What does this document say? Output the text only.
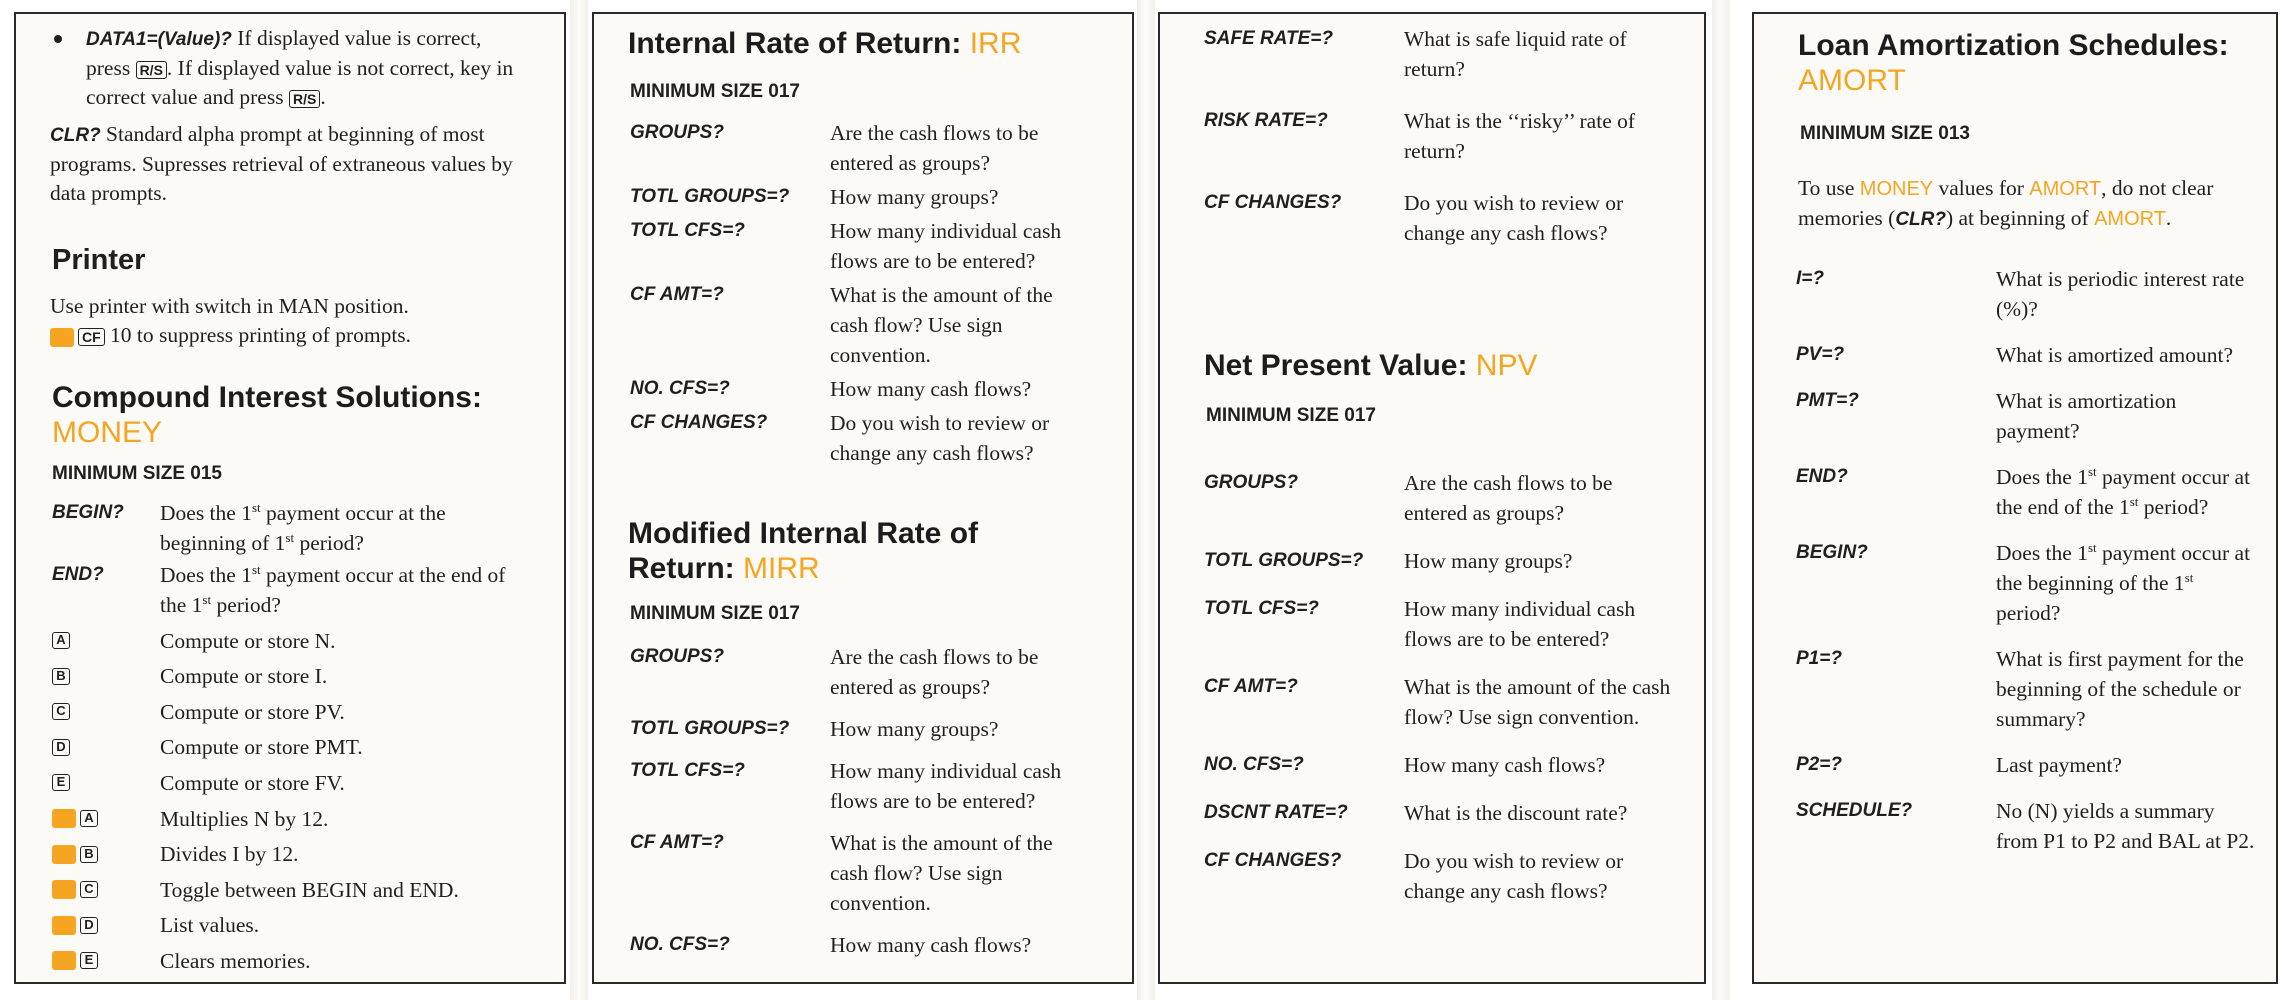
DATA1=(Value)? If displayed value is correct, press R/S . If displayed value is not correct, key in correct value and press R/S .
CLR? Standard alpha prompt at beginning of most programs. Supresses retrieval of extraneous values by data prompts.
Printer
Use printer with switch in MAN position.
CF 10 to suppress printing of prompts.
Compound Interest Solutions:
MONEY
MINIMUM SIZE 015
BEGIN?	Does the 1st payment occur at the beginning of 1st period?
END?	Does the 1st payment occur at the end of the 1st period?
A	Compute or store N.
B	Compute or store I.
C	Compute or store PV.
D	Compute or store PMT.
E	Compute or store FV.
A	Multiplies N by 12.
B	Divides I by 12.
C	Toggle between BEGIN and END.
D	List values.
E	Clears memories.
Internal Rate of Return: IRR
MINIMUM SIZE 017
GROUPS?	Are the cash flows to be entered as groups?
TOTL GROUPS=?	How many groups?
TOTL CFS=?	How many individual cash flows are to be entered?
CF AMT=?	What is the amount of the cash flow? Use sign convention.
NO. CFS=?	How many cash flows?
CF CHANGES?	Do you wish to review or change any cash flows?
Modified Internal Rate of
Return: MIRR
MINIMUM SIZE 017
GROUPS?	Are the cash flows to be entered as groups?
TOTL GROUPS=?	How many groups?
TOTL CFS=?	How many individual cash flows are to be entered?
CF AMT=?	What is the amount of the cash flow? Use sign convention.
NO. CFS=?	How many cash flows?
SAFE RATE=?	What is safe liquid rate of return?
RISK RATE=?	What is the ‘‘risky’’ rate of return?
CF CHANGES?	Do you wish to review or change any cash flows?
Net Present Value: NPV
MINIMUM SIZE 017
GROUPS?	Are the cash flows to be entered as groups?
TOTL GROUPS=?	How many groups?
TOTL CFS=?	How many individual cash flows are to be entered?
CF AMT=?	What is the amount of the cash flow? Use sign convention.
NO. CFS=?	How many cash flows?
DSCNT RATE=?	What is the discount rate?
CF CHANGES?	Do you wish to review or change any cash flows?
Loan Amortization Schedules:
AMORT
MINIMUM SIZE 013
To use MONEY values for AMORT, do not clear memories (CLR?) at beginning of AMORT.
I=?	What is periodic interest rate (%)?
PV=?	What is amortized amount?
PMT=?	What is amortization payment?
END?	Does the 1st payment occur at the end of the 1st period?
BEGIN?	Does the 1st payment occur at the beginning of the 1st period?
P1=?	What is first payment for the beginning of the schedule or summary?
P2=?	Last payment?
SCHEDULE?	No (N) yields a summary from P1 to P2 and BAL at P2.
